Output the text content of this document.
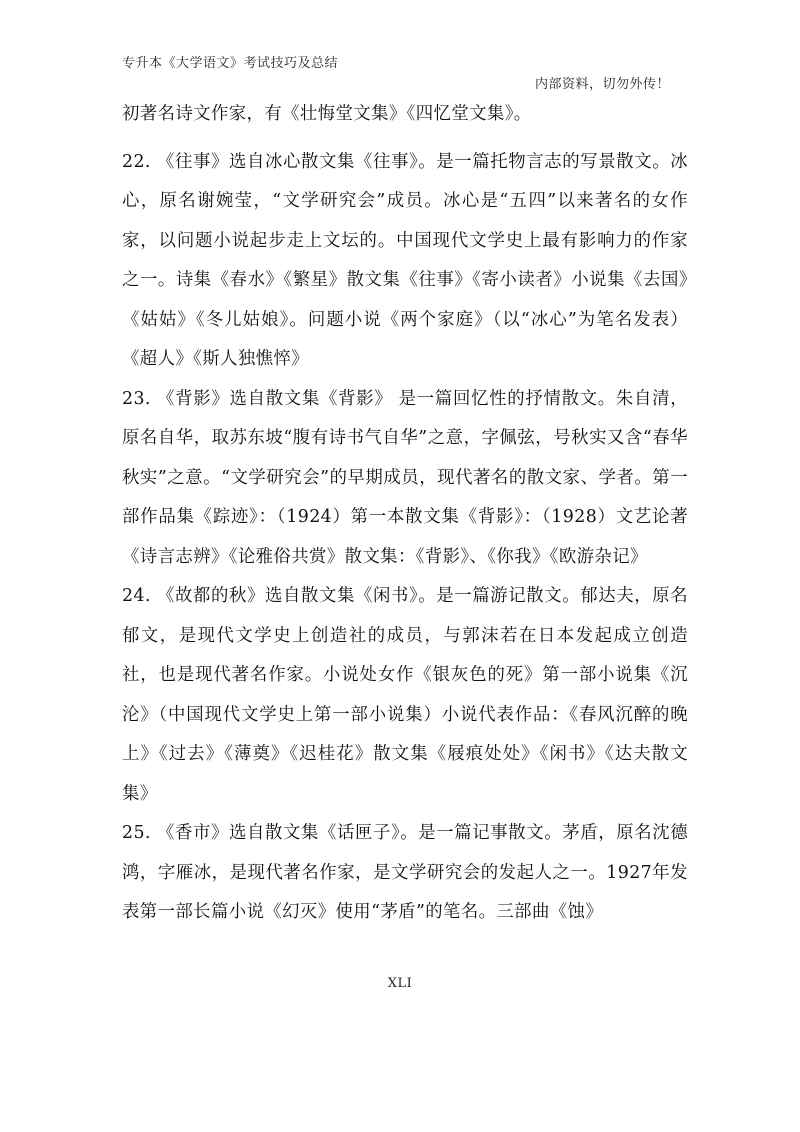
专升本《大学语文》考试技巧及总结
内部资料，切勿外传！

初著名诗文作家，有《壮悔堂文集》《四忆堂文集》。

22. 《往事》选自冰心散文集《往事》。是一篇托物言志的写景散文。冰心，原名谢婉莹，“文学研究会”成员。冰心是“五四”以来著名的女作家，以问题小说起步走上文坛的。中国现代文学史上最有影响力的作家之一。诗集《春水》《繁星》散文集《往事》《寄小读者》小说集《去国》《姑姑》《冬儿姑娘》。问题小说《两个家庭》（以“冰心”为笔名发表）《超人》《斯人独憔悴》

23. 《背影》选自散文集《背影》 是一篇回忆性的抒情散文。朱自清，原名自华，取苏东坡“腹有诗书气自华”之意，字佩弦，号秋实又含“春华秋实”之意。“文学研究会”的早期成员，现代著名的散文家、学者。第一部作品集《踪迹》：（1924）第一本散文集《背影》：（1928）文艺论著《诗言志辨》《论雅俗共赏》散文集：《背影》、《你我》《欧游杂记》

24. 《故都的秋》选自散文集《闲书》。是一篇游记散文。郁达夫，原名郁文，是现代文学史上创造社的成员，与郭沫若在日本发起成立创造社，也是现代著名作家。小说处女作《银灰色的死》第一部小说集《沉沦》（中国现代文学史上第一部小说集）小说代表作品：《春风沉醉的晚上》《过去》《薄奠》《迟桂花》散文集《屐痕处处》《闲书》《达夫散文集》

25. 《香市》选自散文集《话匣子》。是一篇记事散文。茅盾，原名沈德鸿，字雁冰，是现代著名作家，是文学研究会的发起人之一。1927年发表第一部长篇小说《幻灭》使用“茅盾”的笔名。三部曲《蚀》

XLI
